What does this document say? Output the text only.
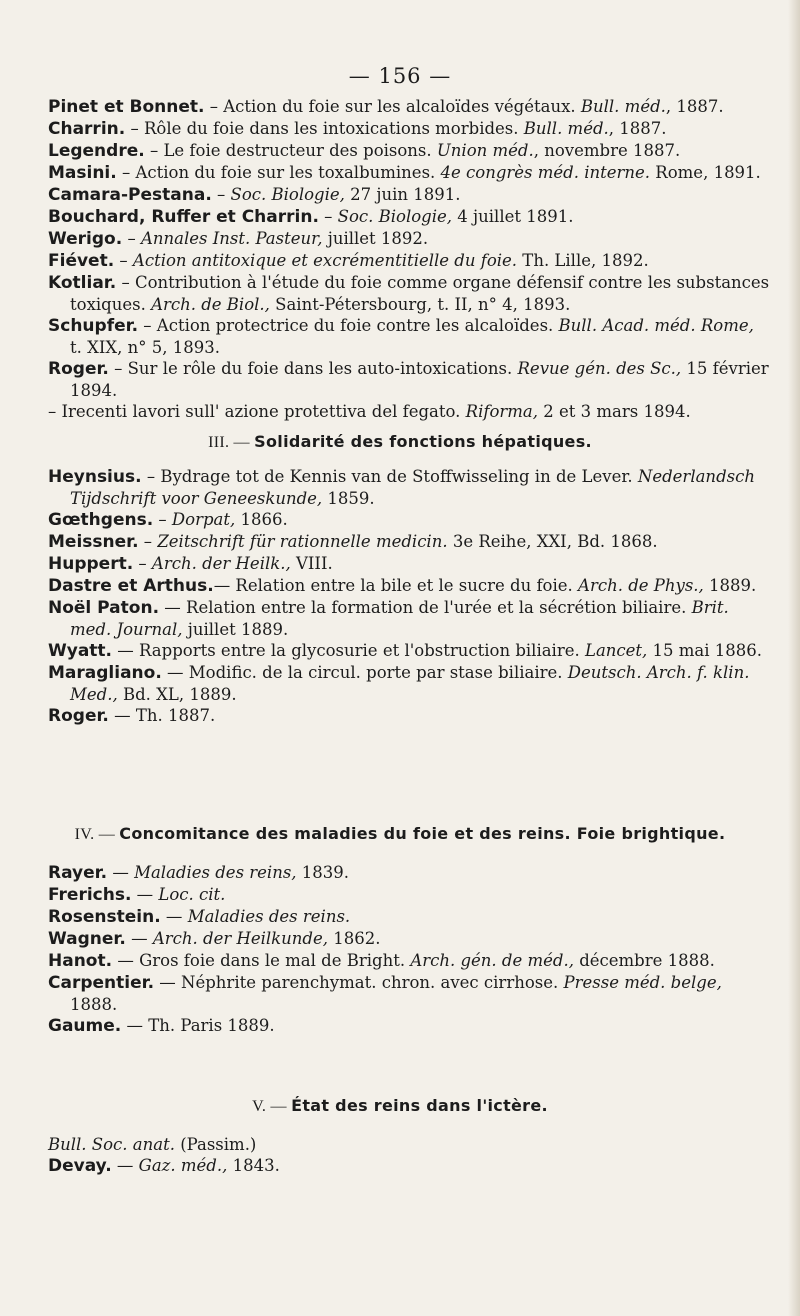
— 156 —

Pinet et Bonnet. – Action du foie sur les alcaloïdes végétaux. Bull. méd., 1887.

Charrin. – Rôle du foie dans les intoxications morbides. Bull. méd., 1887.

Legendre. – Le foie destructeur des poisons. Union méd., novembre 1887.

Masini. – Action du foie sur les toxalbumines. 4e congrès méd. interne. Rome, 1891.

Camara-Pestana. – Soc. Biologie, 27 juin 1891.

Bouchard, Ruffer et Charrin. – Soc. Biologie, 4 juillet 1891.

Werigo. – Annales Inst. Pasteur, juillet 1892.

Fiévet. – Action antitoxique et excrémentitielle du foie. Th. Lille, 1892.

Kotliar. – Contribution à l'étude du foie comme organe défensif contre les substances toxiques. Arch. de Biol., Saint-Pétersbourg, t. II, n° 4, 1893.

Schupfer. – Action protectrice du foie contre les alcaloïdes. Bull. Acad. méd. Rome, t. XIX, n° 5, 1893.

Roger. – Sur le rôle du foie dans les auto-intoxications. Revue gén. des Sc., 15 février 1894.

– Irecenti lavori sull' azione protettiva del fegato. Riforma, 2 et 3 mars 1894.

III. — Solidarité des fonctions hépatiques.

Heynsius. – Bydrage tot de Kennis van de Stoffwisseling in de Lever. Nederlandsch Tijdschrift voor Geneeskunde, 1859.

Gœthgens. – Dorpat, 1866.

Meissner. – Zeitschrift für rationnelle medicin. 3e Reihe, XXI, Bd. 1868.

Huppert. – Arch. der Heilk., VIII.

Dastre et Arthus.— Relation entre la bile et le sucre du foie. Arch. de Phys., 1889.

Noël Paton. — Relation entre la formation de l'urée et la sécrétion biliaire. Brit. med. Journal, juillet 1889.

Wyatt. — Rapports entre la glycosurie et l'obstruction biliaire. Lancet, 15 mai 1886.

Maragliano. — Modific. de la circul. porte par stase biliaire. Deutsch. Arch. f. klin. Med., Bd. XL, 1889.

Roger. — Th. 1887.

IV. — Concomitance des maladies du foie et des reins. Foie brightique.

Rayer. — Maladies des reins, 1839.

Frerichs. — Loc. cit.

Rosenstein. — Maladies des reins.

Wagner. — Arch. der Heilkunde, 1862.

Hanot. — Gros foie dans le mal de Bright. Arch. gén. de méd., décembre 1888.

Carpentier. — Néphrite parenchymat. chron. avec cirrhose. Presse méd. belge, 1888.

Gaume. — Th. Paris 1889.

V. — État des reins dans l'ictère.

Bull. Soc. anat. (Passim.)

Devay. — Gaz. méd., 1843.
